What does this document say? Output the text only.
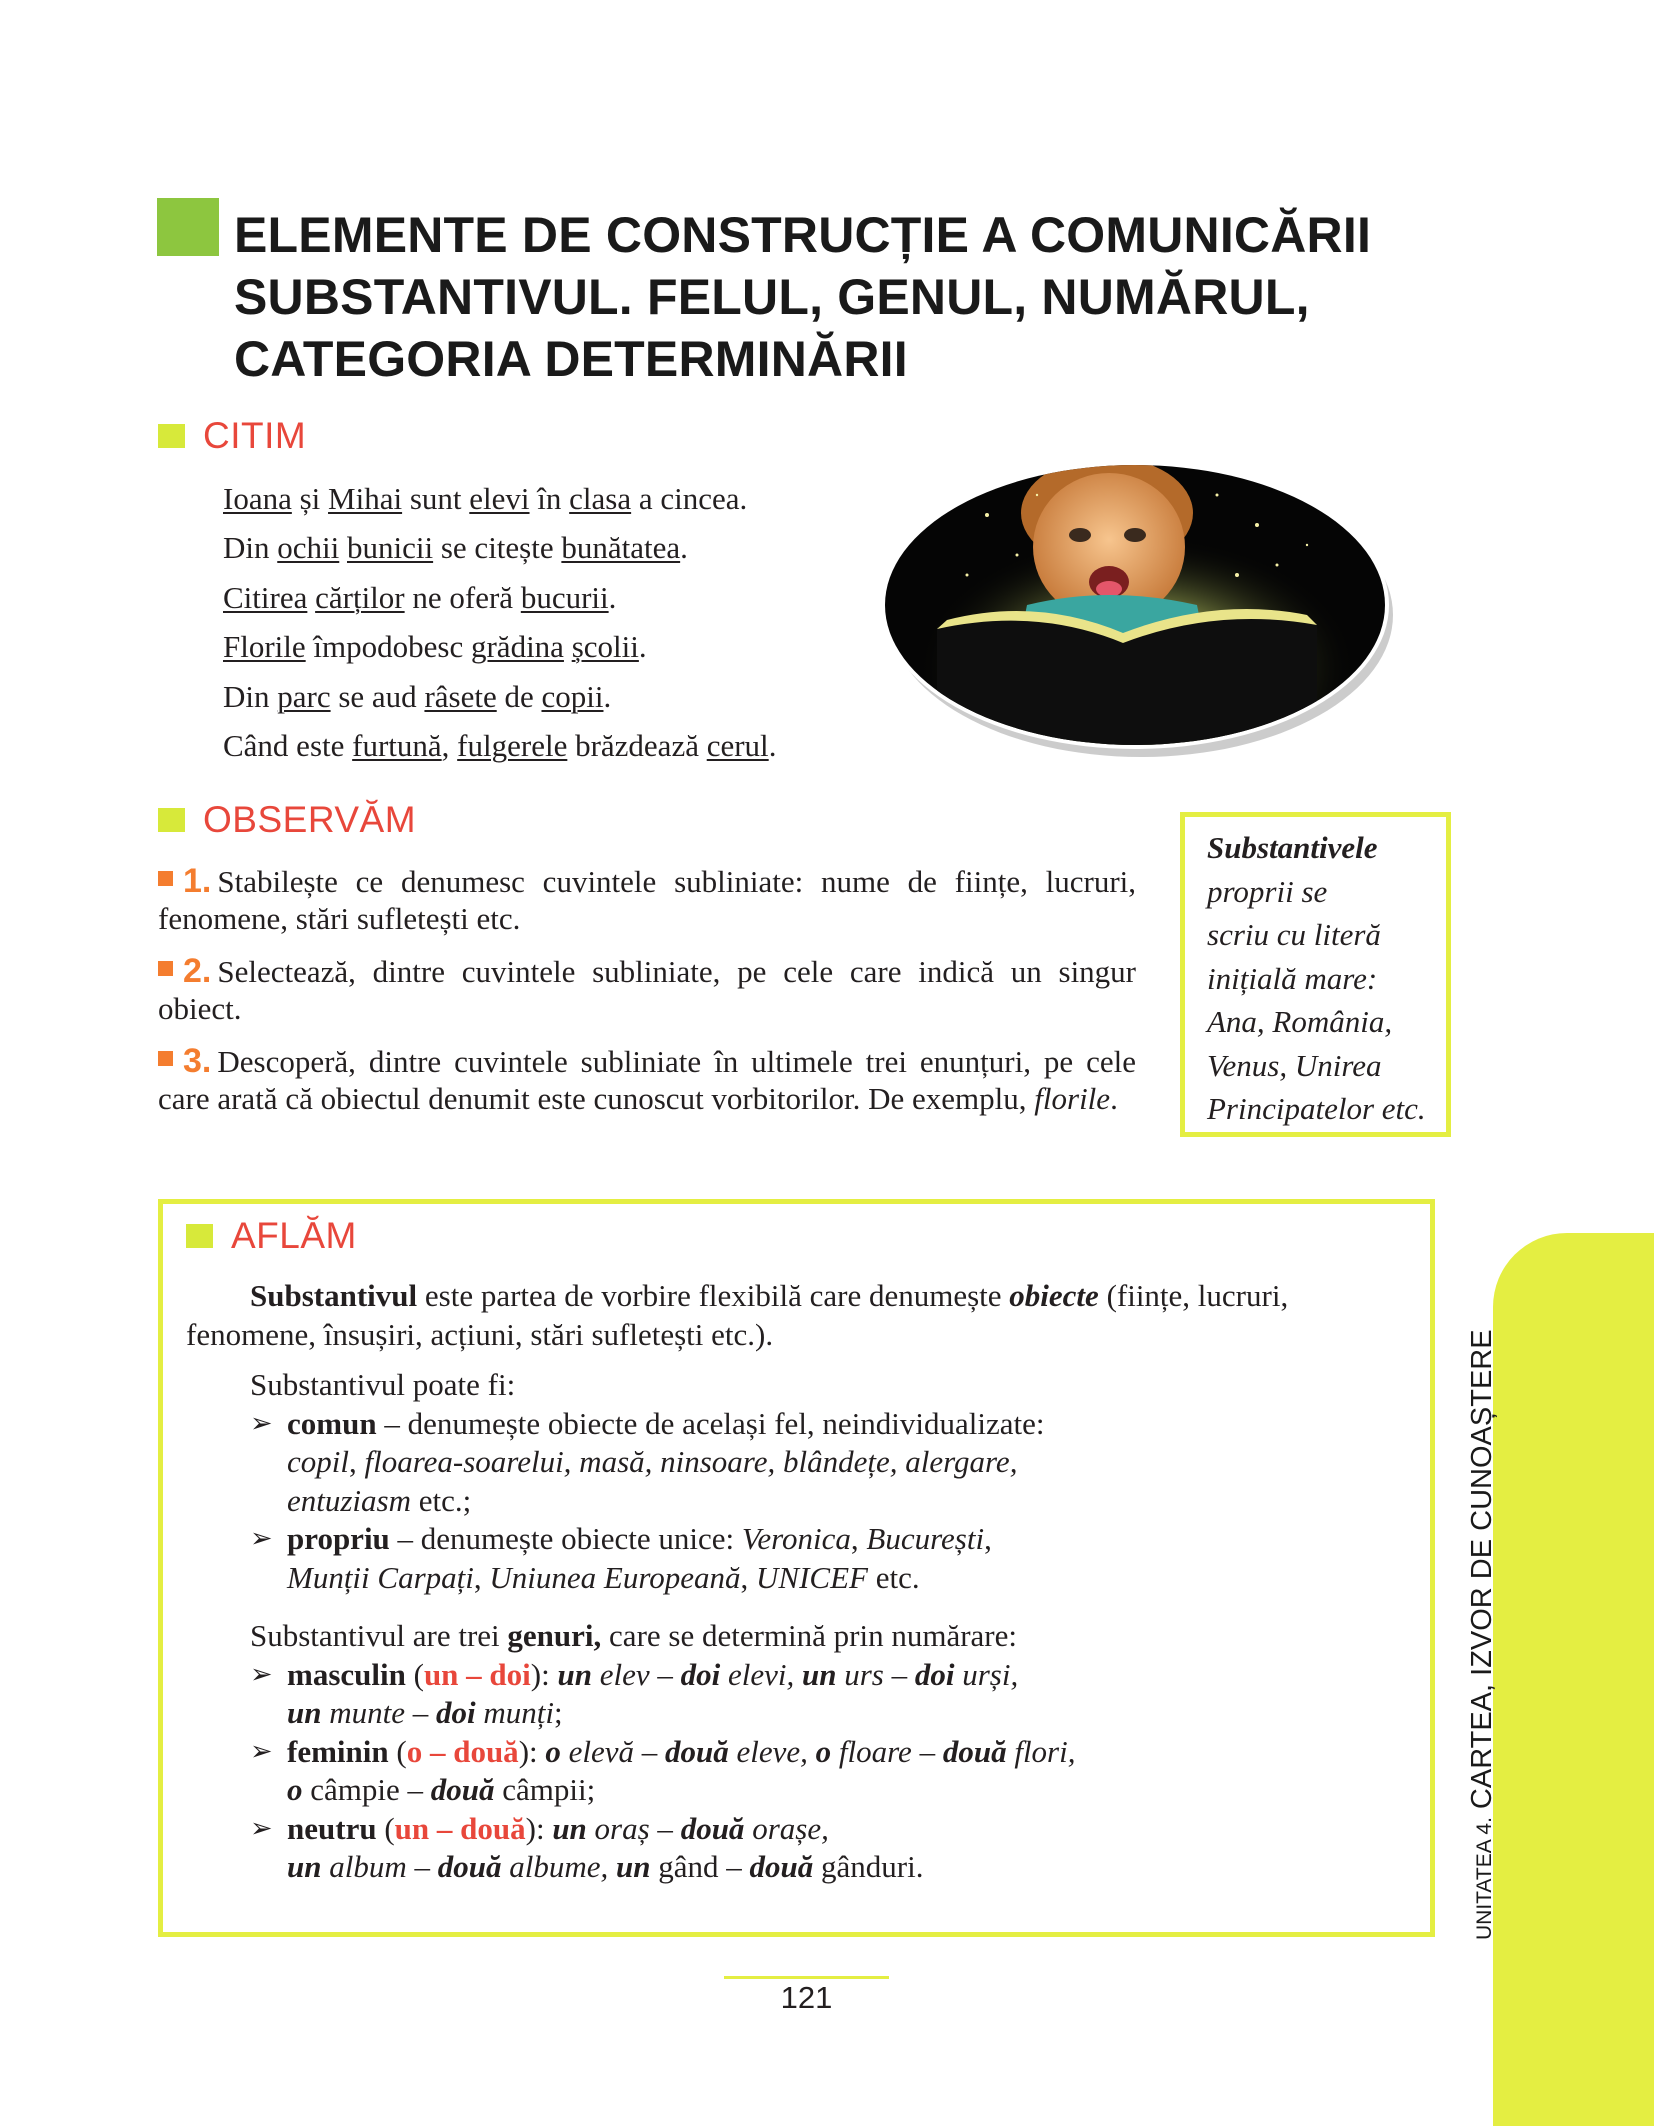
ELEMENTE DE CONSTRUCȚIE A COMUNICĂRII
SUBSTANTIVUL. FELUL, GENUL, NUMĂRUL,
CATEGORIA DETERMINĂRII
CITIM
Ioana și Mihai sunt elevi în clasa a cincea.
Din ochii bunicii se citește bunătatea.
Citirea cărților ne oferă bucurii.
Florile împodobesc grădina școlii.
Din parc se aud râsete de copii.
Când este furtună, fulgerele brăzdează cerul.
OBSERVĂM
1. Stabilește ce denumesc cuvintele subliniate: nume de ființe, lucruri, fenomene, stări sufletești etc.
2. Selectează, dintre cuvintele subliniate, pe cele care indică un singur obiect.
3. Descoperă, dintre cuvintele subliniate în ultimele trei enunțuri, pe cele care arată că obiectul denumit este cunoscut vorbitorilor. De exemplu, florile.
Substantivele
proprii se
scriu cu literă
inițială mare:
Ana, România,
Venus, Unirea
Principatelor etc.
AFLĂM
Substantivul este partea de vorbire flexibilă care denumește obiecte (ființe, lucruri, fenomene, însușiri, acțiuni, stări sufletești etc.).
Substantivul poate fi:
➢ comun – denumește obiecte de același fel, neindividualizate:
copil, floarea-soarelui, masă, ninsoare, blândețe, alergare,
entuziasm etc.;
➢ propriu – denumește obiecte unice: Veronica, București,
Munții Carpați, Uniunea Europeană, UNICEF etc.
Substantivul are trei genuri, care se determină prin numărare:
➢ masculin (un – doi): un elev – doi elevi, un urs – doi urși,
un munte – doi munți;
➢ feminin (o – două): o elevă – două eleve, o floare – două flori,
o câmpie – două câmpii;
➢ neutru (un – două): un oraș – două orașe,
un album – două albume, un gând – două gânduri.
121
UNITATEA 4.CARTEA, IZVOR DE CUNOAȘTERE
